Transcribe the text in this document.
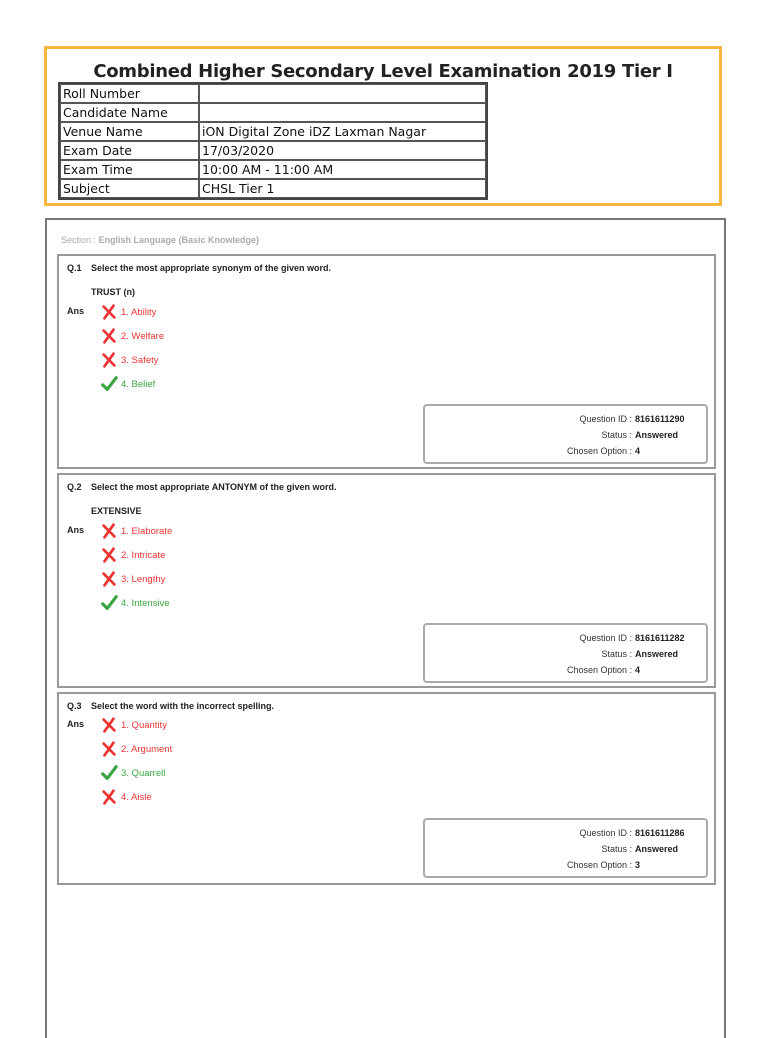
Combined Higher Secondary Level Examination 2019 Tier I
Roll Number	
Candidate Name	
Venue Name	iON Digital Zone iDZ Laxman Nagar
Exam Date	17/03/2020
Exam Time	10:00 AM - 11:00 AM
Subject	CHSL Tier 1
Section : English Language (Basic Knowledge)
Q.1 Select the most appropriate synonym of the given word.
TRUST (n)
Ans	1. Ability
2. Welfare
3. Safety
4. Belief
Question ID : 8161611290
Status : Answered
Chosen Option : 4
Q.2 Select the most appropriate ANTONYM of the given word.
EXTENSIVE
Ans	1. Elaborate
2. Intricate
3. Lengthy
4. Intensive
Question ID : 8161611282
Status : Answered
Chosen Option : 4
Q.3 Select the word with the incorrect spelling.
Ans	1. Quantity
2. Argument
3. Quarrell
4. Aisle
Question ID : 8161611286
Status : Answered
Chosen Option : 3
